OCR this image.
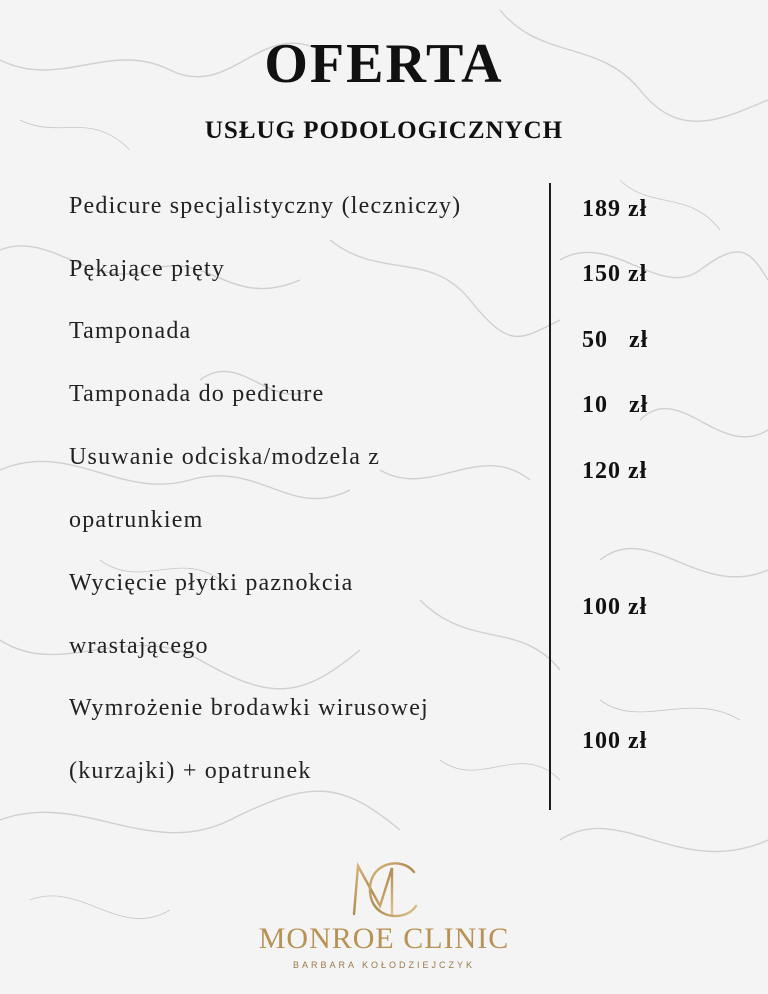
OFERTA
USŁUG PODOLOGICZNYCH
Pedicure specjalistyczny (leczniczy)	189 zł
Pękające pięty	150 zł
Tamponada	50   zł
Tamponada do pedicure	10   zł
Usuwanie odciska/modzela z
opatrunkiem
120 zł
Wycięcie płytki paznokcia
wrastającego
100 zł
Wymrożenie brodawki wirusowej
(kurzajki) + opatrunek
100 zł
MONROE CLINIC
BARBARA KOŁODZIEJCZYK
